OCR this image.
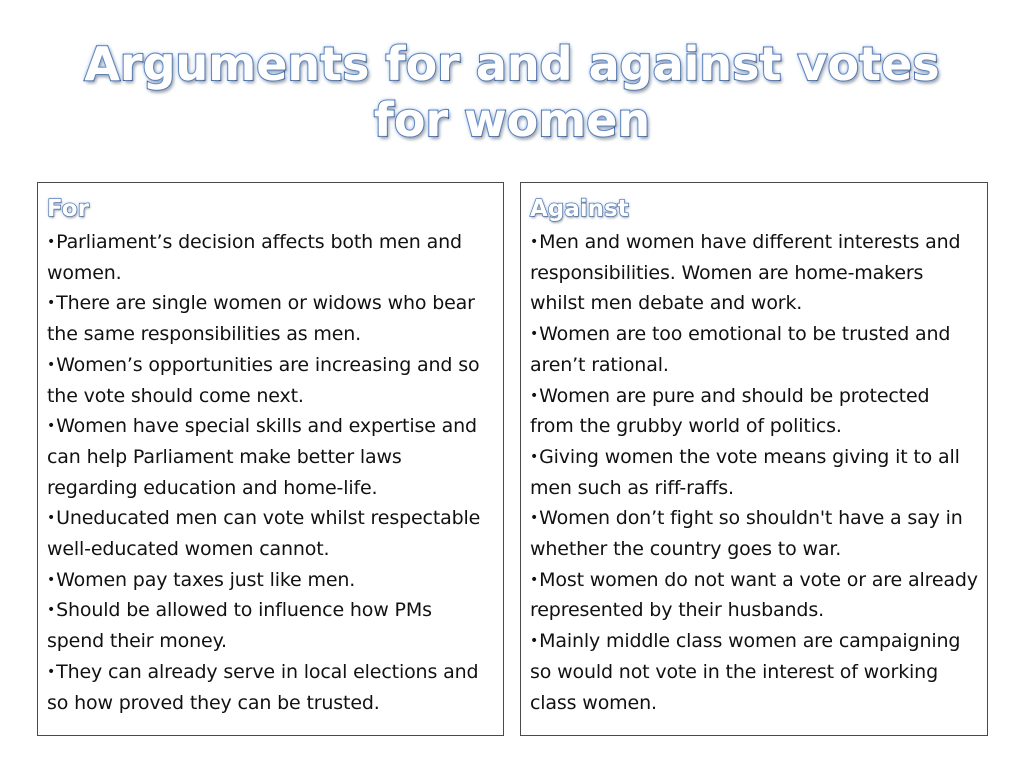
Arguments for and against votes for women
For
•Parliament’s decision affects both men and women.
•There are single women or widows who bear the same responsibilities as men.
•Women’s opportunities are increasing and so the vote should come next.
•Women have special skills and expertise and can help Parliament make better laws regarding education and home-life.
•Uneducated men can vote whilst respectable well-educated women cannot.
•Women pay taxes just like men.
•Should be allowed to influence how PMs spend their money.
•They can already serve in local elections and so how proved they can be trusted.
Against
•Men and women have different interests and responsibilities. Women are home-makers whilst men debate and work.
•Women are too emotional to be trusted and aren’t rational.
•Women are pure and should be protected from the grubby world of politics.
•Giving women the vote means giving it to all men such as riff-raffs.
•Women don’t fight so shouldn't have a say in whether the country goes to war.
•Most women do not want a vote or are already represented by their husbands.
•Mainly middle class women are campaigning so would not vote in the interest of working class women.
